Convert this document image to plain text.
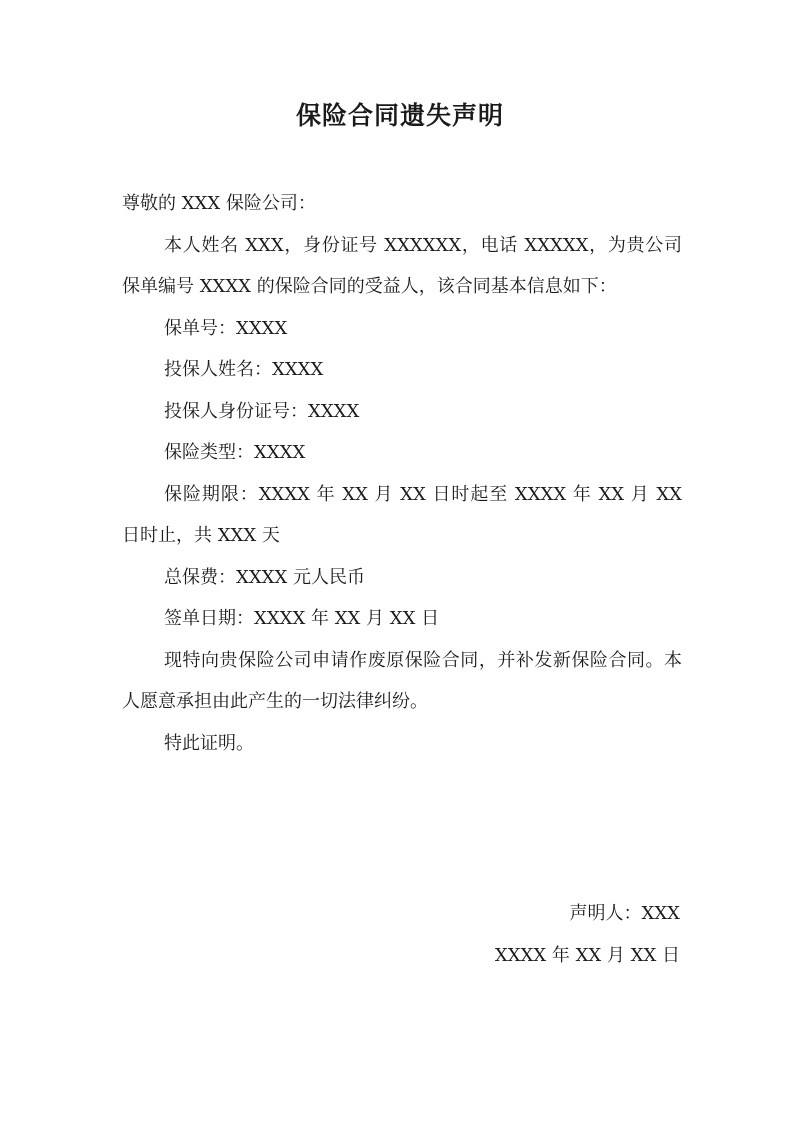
保险合同遗失声明

尊敬的 XXX 保险公司：

本人姓名 XXX，身份证号 XXXXXX，电话 XXXXX，为贵公司保单编号 XXXX 的保险合同的受益人，该合同基本信息如下：

保单号：XXXX

投保人姓名：XXXX

投保人身份证号：XXXX

保险类型：XXXX

保险期限：XXXX 年 XX 月 XX 日时起至 XXXX 年 XX 月 XX 日时止，共 XXX 天

总保费：XXXX 元人民币

签单日期：XXXX 年 XX 月 XX 日

现特向贵保险公司申请作废原保险合同，并补发新保险合同。本人愿意承担由此产生的一切法律纠纷。

特此证明。

声明人：XXX

XXXX 年 XX 月 XX 日
